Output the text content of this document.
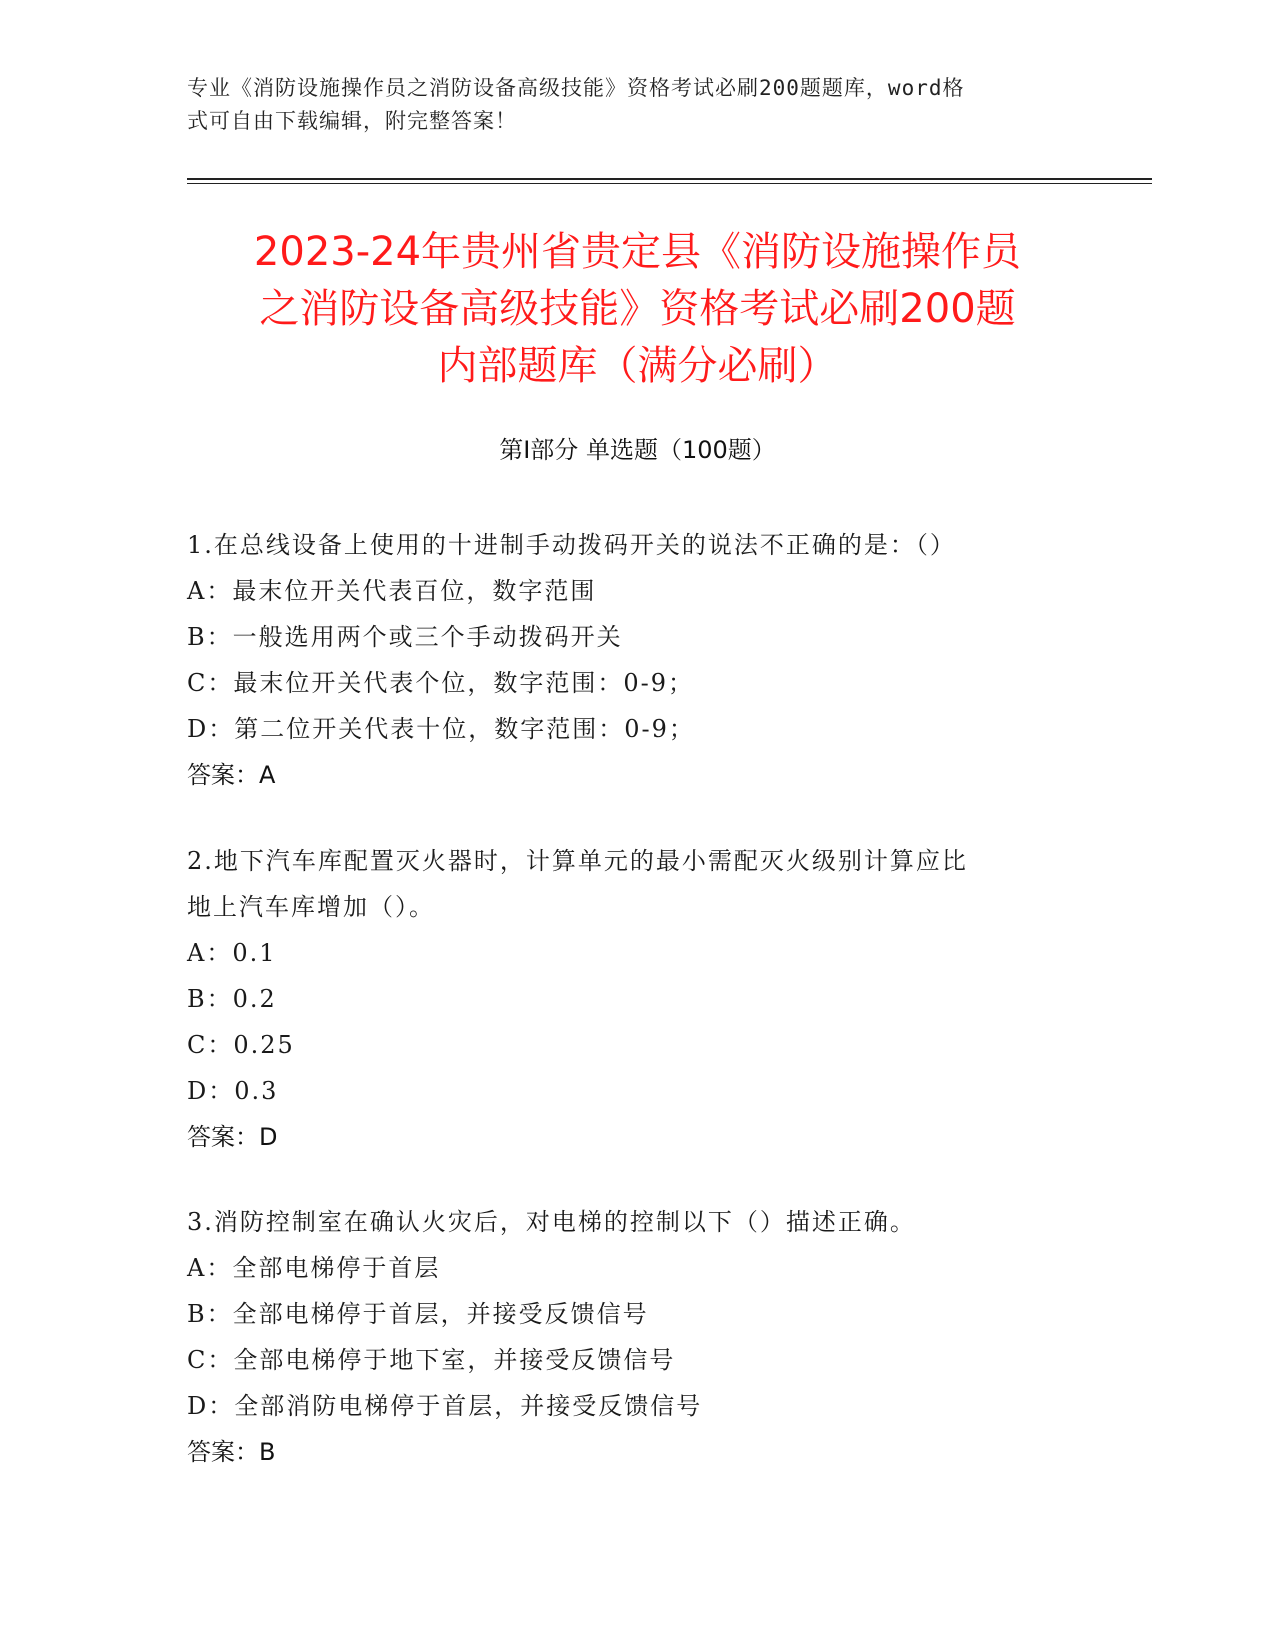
专业《消防设施操作员之消防设备高级技能》资格考试必刷200题题库，word格
式可自由下载编辑，附完整答案！
2023-24年贵州省贵定县《消防设施操作员
之消防设备高级技能》资格考试必刷200题
内部题库（满分必刷）
第Ⅰ部分 单选题（100题）
1.在总线设备上使用的十进制手动拨码开关的说法不正确的是：（）
A：最末位开关代表百位，数字范围
B：一般选用两个或三个手动拨码开关
C：最末位开关代表个位，数字范围：0-9；
D：第二位开关代表十位，数字范围：0-9；
答案：A
2.地下汽车库配置灭火器时，计算单元的最小需配灭火级别计算应比
地上汽车库增加（）。
A：0.1
B：0.2
C：0.25
D：0.3
答案：D
3.消防控制室在确认火灾后，对电梯的控制以下（）描述正确。
A：全部电梯停于首层
B：全部电梯停于首层，并接受反馈信号
C：全部电梯停于地下室，并接受反馈信号
D：全部消防电梯停于首层，并接受反馈信号
答案：B
